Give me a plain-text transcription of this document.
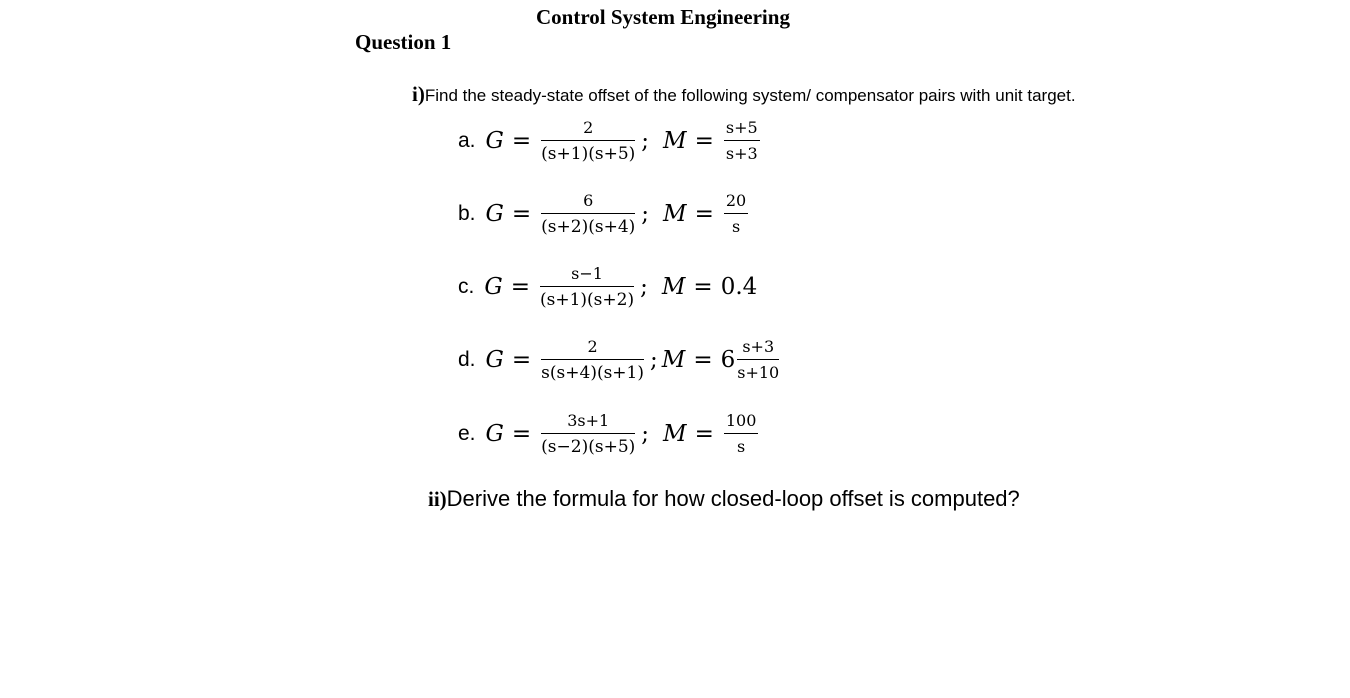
Control System Engineering
Question 1
i)Find the steady-state offset of the following system/ compensator pairs with unit target.
a. $G = \frac{2}{(s+1)(s+5)}$ ; $M = \frac{s+5}{s+3}$
b. $G = \frac{6}{(s+2)(s+4)}$ ; $M = \frac{20}{s}$
c. $G = \frac{s-1}{(s+1)(s+2)}$ ; M = 0.4
d. $G = \frac{2}{s(s+4)(s+1)}$ ; $M = 6 \frac{s+3}{s+10}$
e. $G = \frac{3s+1}{(s-2)(s+5)}$ ; $M = \frac{100}{s}$
ii)Derive the formula for how closed-loop offset is computed?
